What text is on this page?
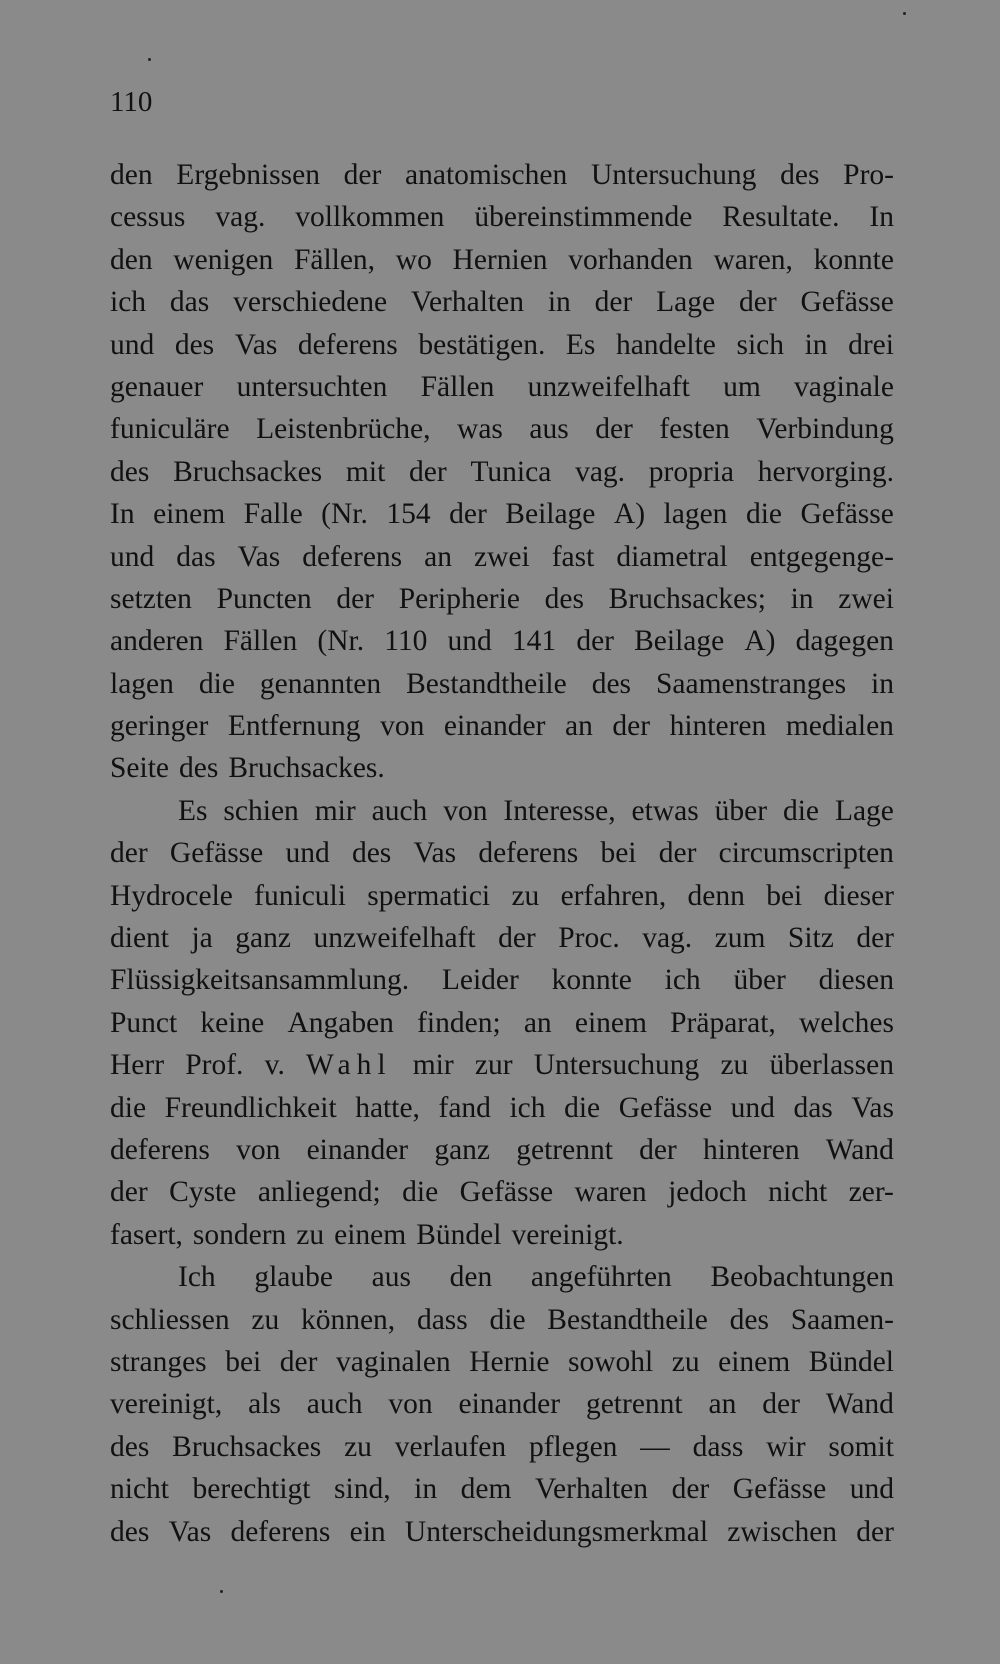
110
den Ergebnissen der anatomischen Untersuchung des Pro-
cessus vag. vollkommen übereinstimmende Resultate. In
den wenigen Fällen, wo Hernien vorhanden waren, konnte
ich das verschiedene Verhalten in der Lage der Gefässe
und des Vas deferens bestätigen. Es handelte sich in drei
genauer untersuchten Fällen unzweifelhaft um vaginale
funiculäre Leistenbrüche, was aus der festen Verbindung
des Bruchsackes mit der Tunica vag. propria hervorging.
In einem Falle (Nr. 154 der Beilage A) lagen die Gefässe
und das Vas deferens an zwei fast diametral entgegenge-
setzten Puncten der Peripherie des Bruchsackes; in zwei
anderen Fällen (Nr. 110 und 141 der Beilage A) dagegen
lagen die genannten Bestandtheile des Saamenstranges in
geringer Entfernung von einander an der hinteren medialen
Seite des Bruchsackes.
Es schien mir auch von Interesse, etwas über die Lage
der Gefässe und des Vas deferens bei der circumscripten
Hydrocele funiculi spermatici zu erfahren, denn bei dieser
dient ja ganz unzweifelhaft der Proc. vag. zum Sitz der
Flüssigkeitsansammlung. Leider konnte ich über diesen
Punct keine Angaben finden; an einem Präparat, welches
Herr Prof. v. Wahl mir zur Untersuchung zu überlassen
die Freundlichkeit hatte, fand ich die Gefässe und das Vas
deferens von einander ganz getrennt der hinteren Wand
der Cyste anliegend; die Gefässe waren jedoch nicht zer-
fasert, sondern zu einem Bündel vereinigt.
Ich glaube aus den angeführten Beobachtungen
schliessen zu können, dass die Bestandtheile des Saamen-
stranges bei der vaginalen Hernie sowohl zu einem Bündel
vereinigt, als auch von einander getrennt an der Wand
des Bruchsackes zu verlaufen pflegen — dass wir somit
nicht berechtigt sind, in dem Verhalten der Gefässe und
des Vas deferens ein Unterscheidungsmerkmal zwischen der
